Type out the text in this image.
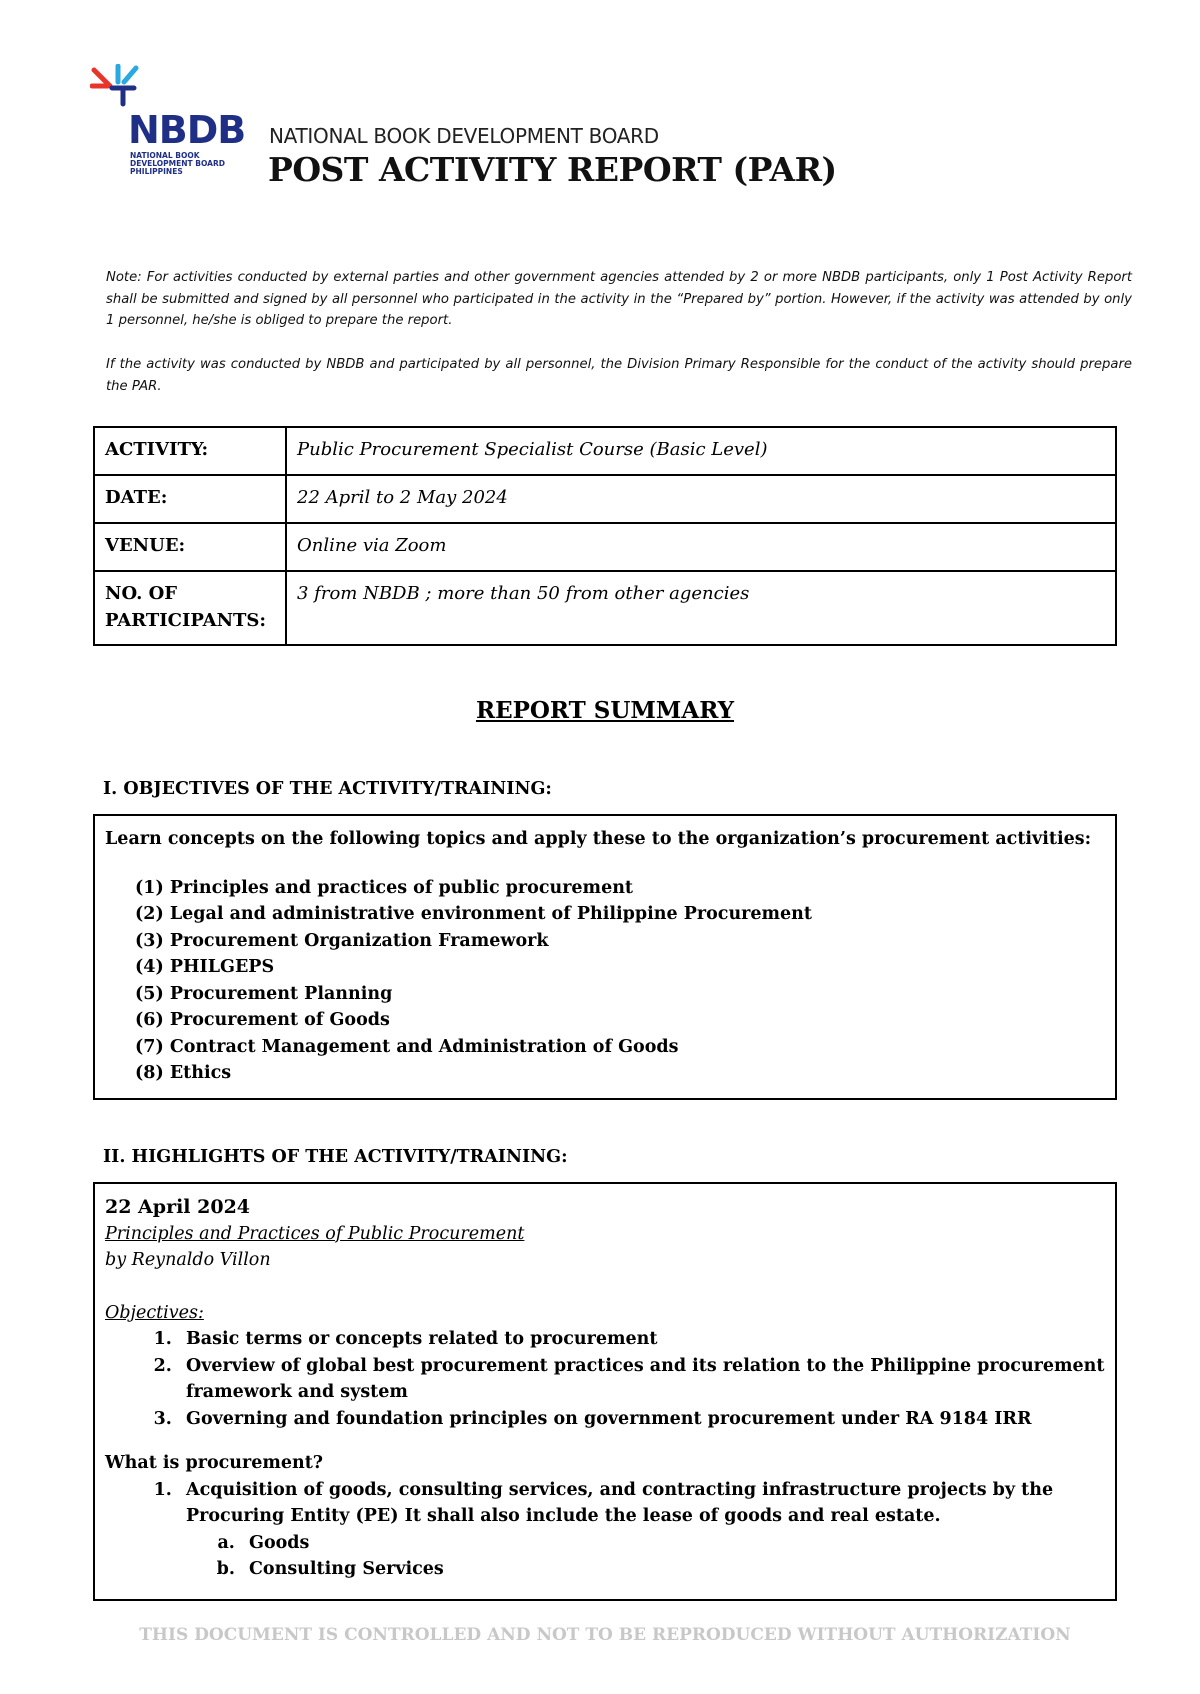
NBDB
NATIONAL BOOK
DEVELOPMENT BOARD
PHILIPPINES
NATIONAL BOOK DEVELOPMENT BOARD
POST ACTIVITY REPORT (PAR)
Note: For activities conducted by external parties and other government agencies attended by 2 or more NBDB participants, only 1 Post Activity Report shall be submitted and signed by all personnel who participated in the activity in the “Prepared by” portion. However, if the activity was attended by only 1 personnel, he/she is obliged to prepare the report.
If the activity was conducted by NBDB and participated by all personnel, the Division Primary Responsible for the conduct of the activity should prepare the PAR.
ACTIVITY:	Public Procurement Specialist Course (Basic Level)
DATE:	22 April to 2 May 2024
VENUE:	Online via Zoom
NO. OF PARTICIPANTS:	3 from NBDB ; more than 50 from other agencies
REPORT SUMMARY
I. OBJECTIVES OF THE ACTIVITY/TRAINING:
Learn concepts on the following topics and apply these to the organization’s procurement activities:
(1) Principles and practices of public procurement
(2) Legal and administrative environment of Philippine Procurement
(3) Procurement Organization Framework
(4) PHILGEPS
(5) Procurement Planning
(6) Procurement of Goods
(7) Contract Management and Administration of Goods
(8) Ethics
II. HIGHLIGHTS OF THE ACTIVITY/TRAINING:
22 April 2024
Principles and Practices of Public Procurement
by Reynaldo Villon
Objectives:
1. Basic terms or concepts related to procurement
2. Overview of global best procurement practices and its relation to the Philippine procurement framework and system
3. Governing and foundation principles on government procurement under RA 9184 IRR
What is procurement?
1. Acquisition of goods, consulting services, and contracting infrastructure projects by the Procuring Entity (PE) It shall also include the lease of goods and real estate.
a. Goods
b. Consulting Services
THIS DOCUMENT IS CONTROLLED AND NOT TO BE REPRODUCED WITHOUT AUTHORIZATION
